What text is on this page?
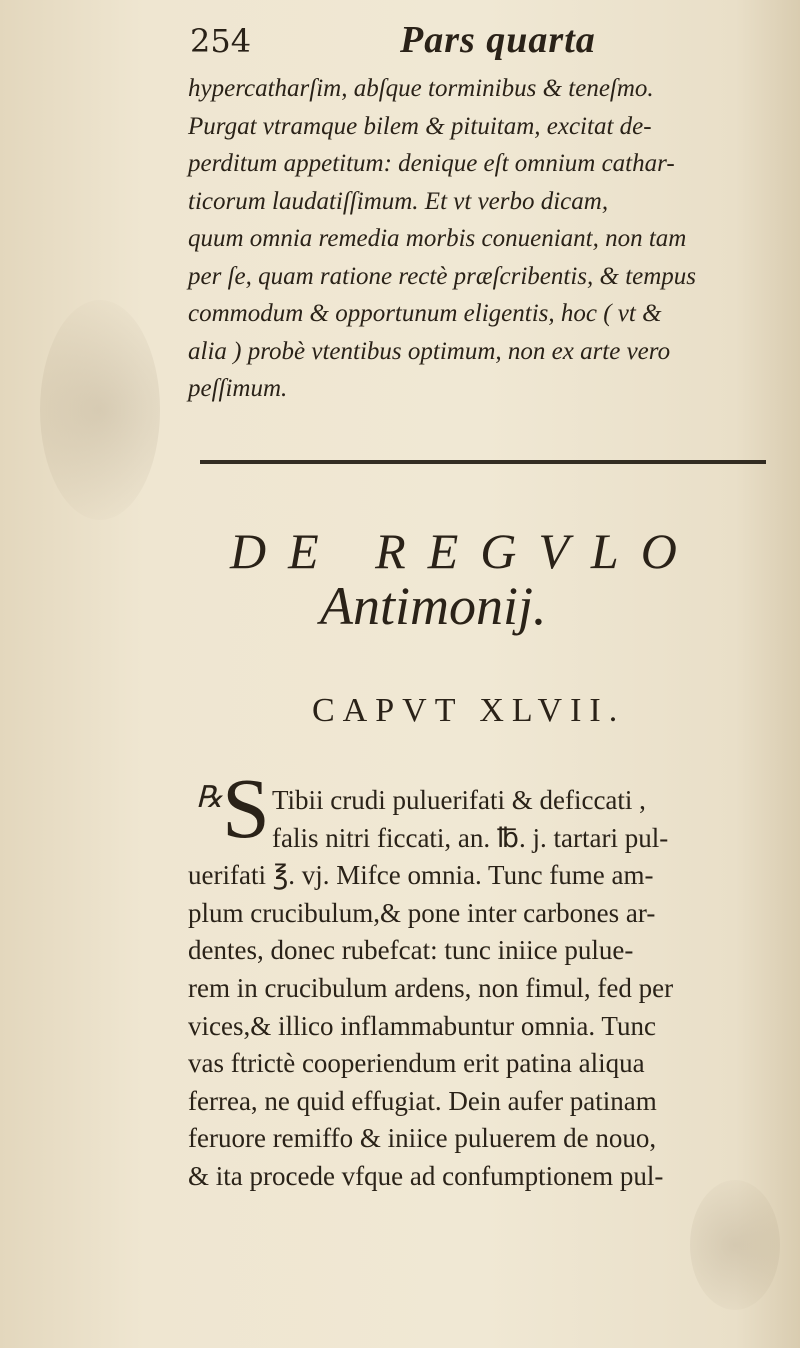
254	Pars quarta

hypercatharſim, abſque torminibus & teneſmo.
Purgat vtramque bilem & pituitam, excitat de-
perditum appetitum: denique eſt omnium cathar-
ticorum laudatiſſimum. Et vt verbo dicam,
quum omnia remedia morbis conueniant, non tam
per ſe, quam ratione rectè præſcribentis, & tempus
commodum & opportunum eligentis, hoc ( vt &
alia ) probè vtentibus optimum, non ex arte vero
peſſimum.

DE REGVLO
Antimonij.
CAPVT XLVII.
℞ S Tibii crudi puluerifati & deficcati ,
falis nitri ficcati, an. ℔. j. tartari pul-
uerifati ℥. vj. Mifce omnia. Tunc fume am-
plum crucibulum,& pone inter carbones ar-
dentes, donec rubefcat: tunc iniice pulue-
rem in crucibulum ardens, non fimul, fed per
vices,& illico inflammabuntur omnia. Tunc
vas ftrictè cooperiendum erit patina aliqua
ferrea, ne quid effugiat. Dein aufer patinam
feruore remiffo & iniice puluerem de nouo,
& ita procede vfque ad confumptionem pul-
